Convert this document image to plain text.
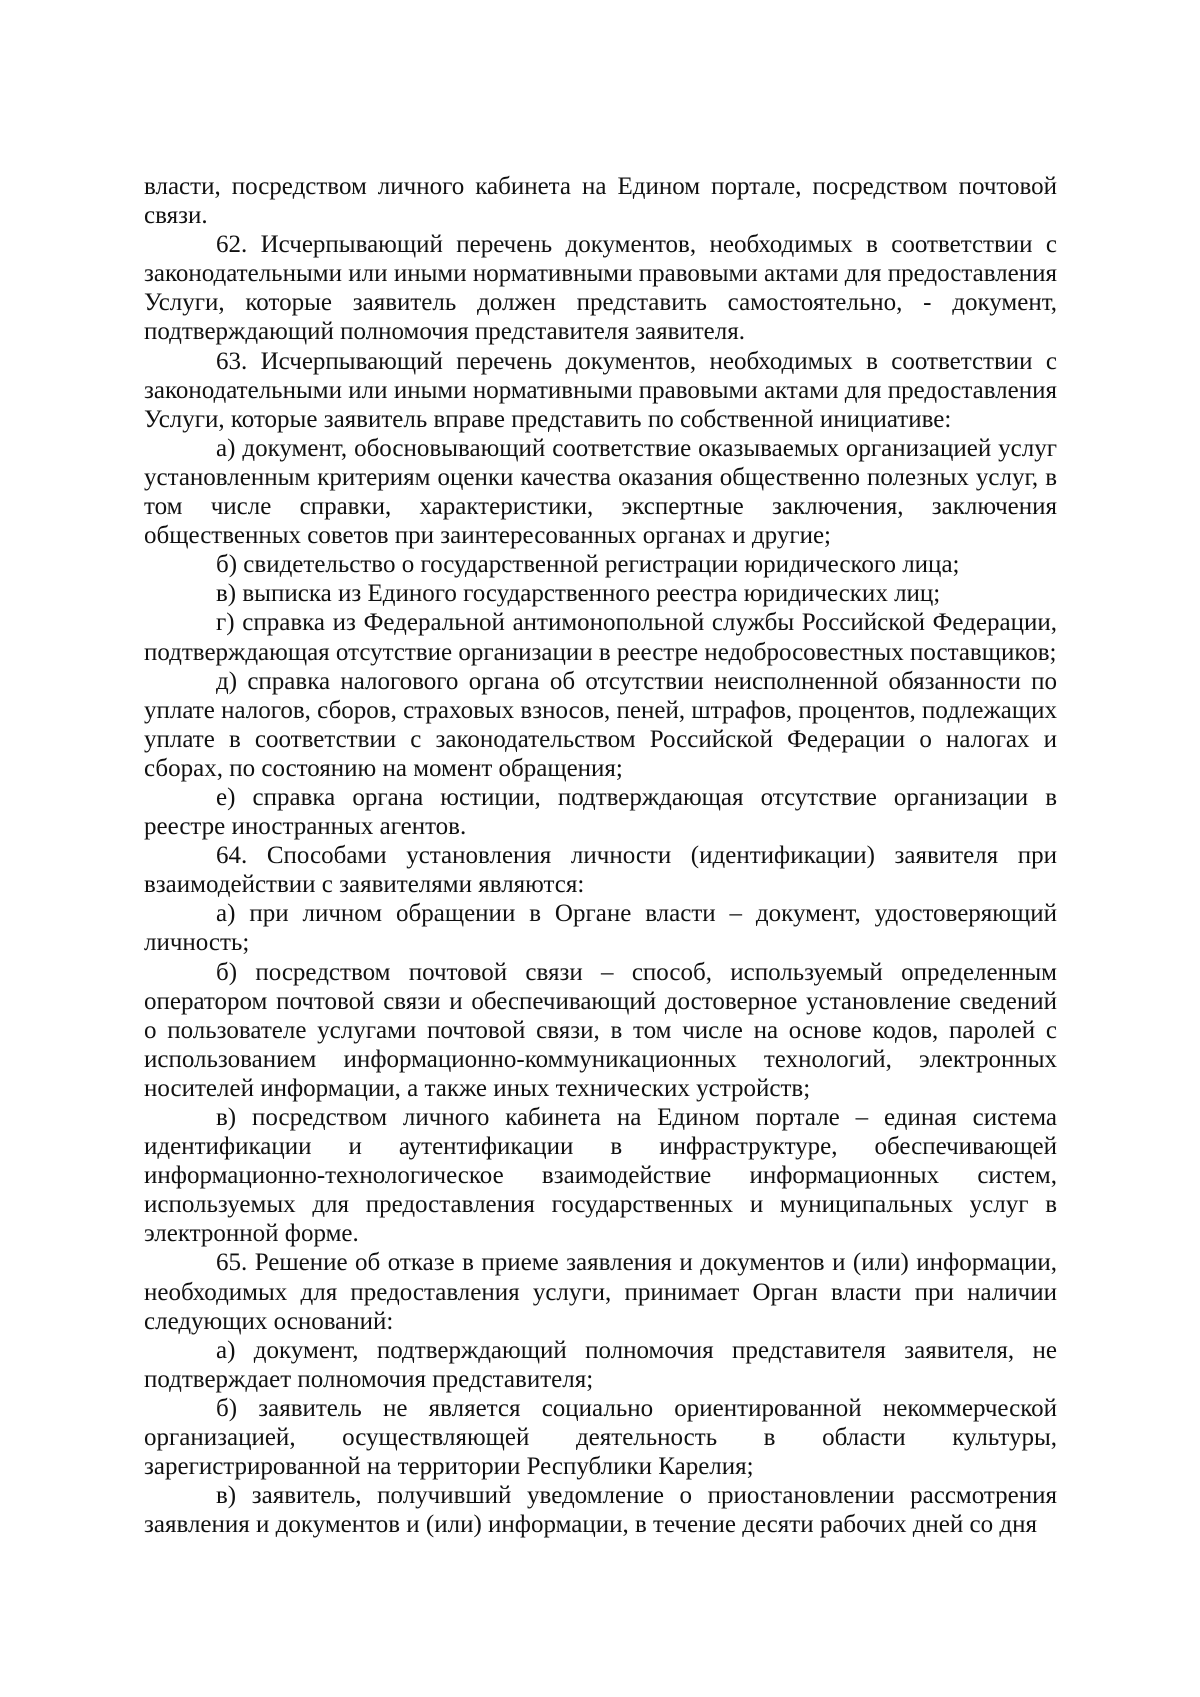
власти, посредством личного кабинета на Едином портале, посредством почтовой связи.

62. Исчерпывающий перечень документов, необходимых в соответствии с законодательными или иными нормативными правовыми актами для предоставления Услуги, которые заявитель должен представить самостоятельно, - документ, подтверждающий полномочия представителя заявителя.

63. Исчерпывающий перечень документов, необходимых в соответствии с законодательными или иными нормативными правовыми актами для предоставления Услуги, которые заявитель вправе представить по собственной инициативе:

а) документ, обосновывающий соответствие оказываемых организацией услуг установленным критериям оценки качества оказания общественно полезных услуг, в том числе справки, характеристики, экспертные заключения, заключения общественных советов при заинтересованных органах и другие;

б) свидетельство о государственной регистрации юридического лица;

в) выписка из Единого государственного реестра юридических лиц;

г) справка из Федеральной антимонопольной службы Российской Федерации, подтверждающая отсутствие организации в реестре недобросовестных поставщиков;

д) справка налогового органа об отсутствии неисполненной обязанности по уплате налогов, сборов, страховых взносов, пеней, штрафов, процентов, подлежащих уплате в соответствии с законодательством Российской Федерации о налогах и сборах, по состоянию на момент обращения;

е) справка органа юстиции, подтверждающая отсутствие организации в реестре иностранных агентов.

64. Способами установления личности (идентификации) заявителя при взаимодействии с заявителями являются:

а) при личном обращении в Органе власти – документ, удостоверяющий личность;

б) посредством почтовой связи – способ, используемый определенным оператором почтовой связи и обеспечивающий достоверное установление сведений о пользователе услугами почтовой связи, в том числе на основе кодов, паролей с использованием информационно-коммуникационных технологий, электронных носителей информации, а также иных технических устройств;

в) посредством личного кабинета на Едином портале – единая система идентификации и аутентификации в инфраструктуре, обеспечивающей информационно-технологическое взаимодействие информационных систем, используемых для предоставления государственных и муниципальных услуг в электронной форме.

65. Решение об отказе в приеме заявления и документов и (или) информации, необходимых для предоставления услуги, принимает Орган власти при наличии следующих оснований:

а) документ, подтверждающий полномочия представителя заявителя, не подтверждает полномочия представителя;

б) заявитель не является социально ориентированной некоммерческой организацией, осуществляющей деятельность в области культуры, зарегистрированной на территории Республики Карелия;

в) заявитель, получивший уведомление о приостановлении рассмотрения заявления и документов и (или) информации, в течение десяти рабочих дней со дня
